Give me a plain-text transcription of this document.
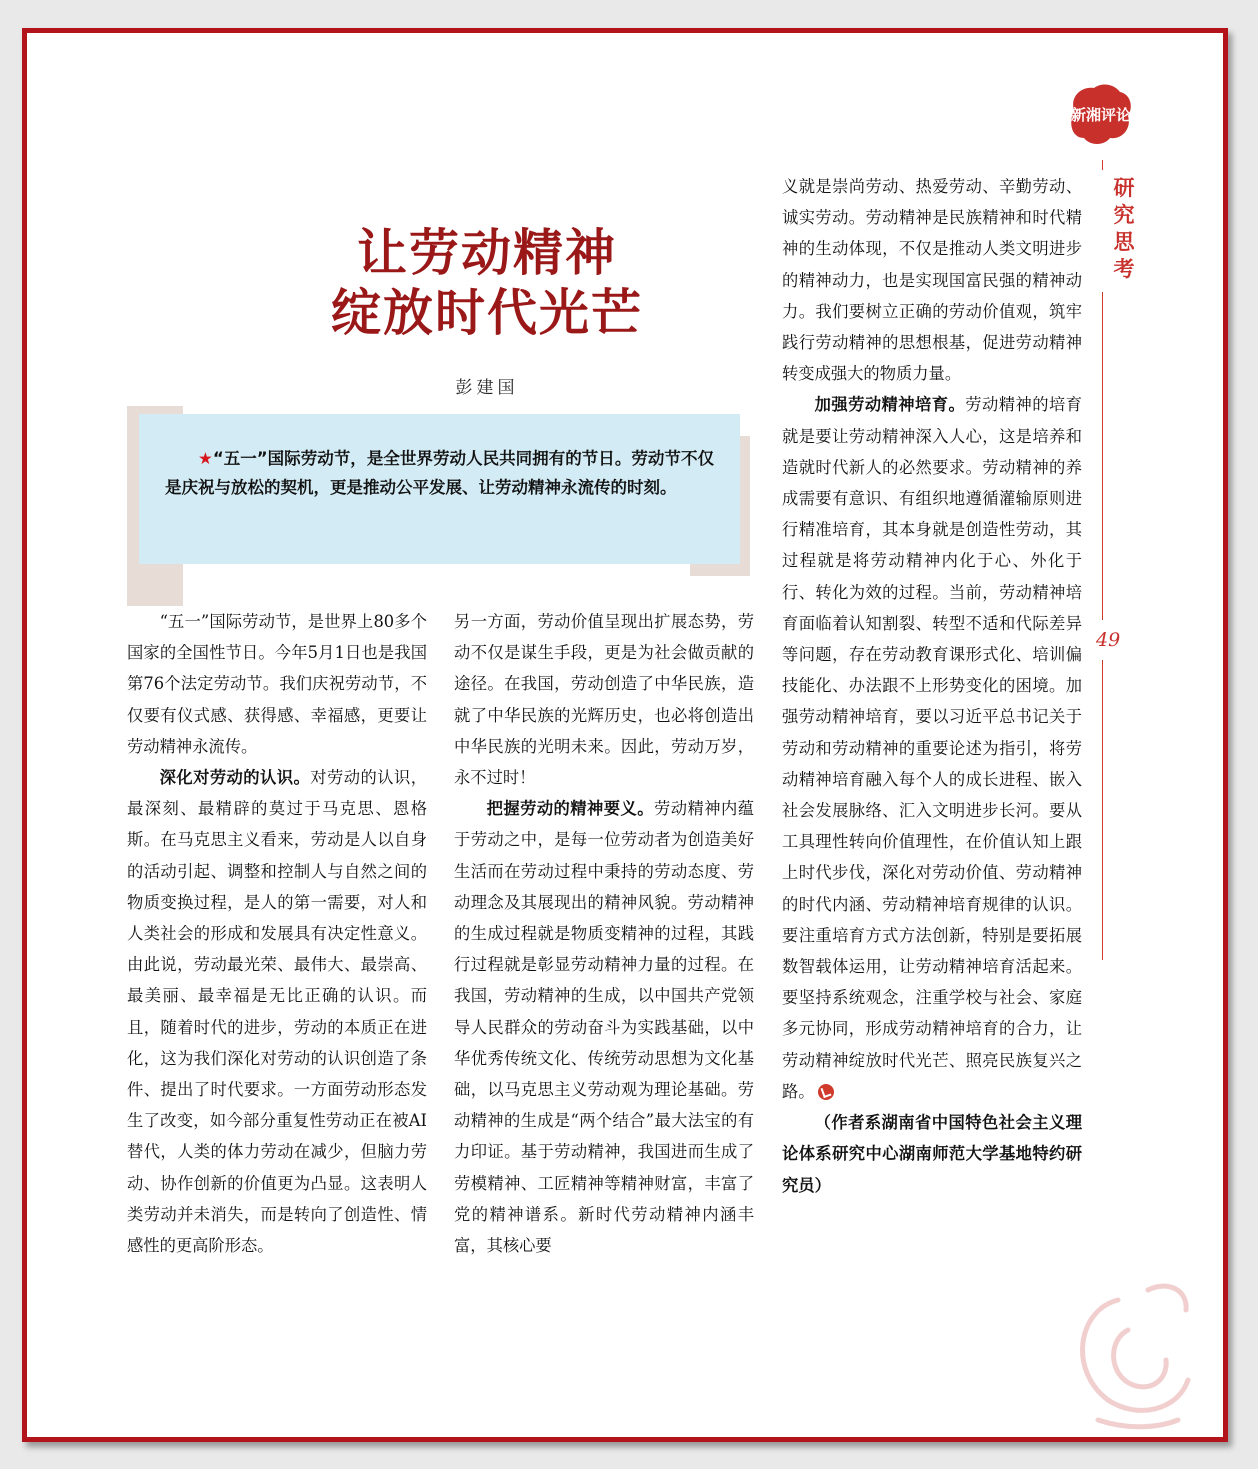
让劳动精神
绽放时代光芒
彭建国

★“五一”国际劳动节，是全世界劳动人民共同拥有的节日。劳动节不仅是庆祝与放松的契机，更是推动公平发展、让劳动精神永流传的时刻。

“五一”国际劳动节，是世界上80多个国家的全国性节日。今年5月1日也是我国第76个法定劳动节。我们庆祝劳动节，不仅要有仪式感、获得感、幸福感，更要让劳动精神永流传。

深化对劳动的认识。对劳动的认识，最深刻、最精辟的莫过于马克思、恩格斯。在马克思主义看来，劳动是人以自身的活动引起、调整和控制人与自然之间的物质变换过程，是人的第一需要，对人和人类社会的形成和发展具有决定性意义。由此说，劳动最光荣、最伟大、最崇高、最美丽、最幸福是无比正确的认识。而且，随着时代的进步，劳动的本质正在进化，这为我们深化对劳动的认识创造了条件、提出了时代要求。一方面劳动形态发生了改变，如今部分重复性劳动正在被AI替代，人类的体力劳动在减少，但脑力劳动、协作创新的价值更为凸显。这表明人类劳动并未消失，而是转向了创造性、情感性的更高阶形态。

另一方面，劳动价值呈现出扩展态势，劳动不仅是谋生手段，更是为社会做贡献的途径。在我国，劳动创造了中华民族，造就了中华民族的光辉历史，也必将创造出中华民族的光明未来。因此，劳动万岁，永不过时！

把握劳动的精神要义。劳动精神内蕴于劳动之中，是每一位劳动者为创造美好生活而在劳动过程中秉持的劳动态度、劳动理念及其展现出的精神风貌。劳动精神的生成过程就是物质变精神的过程，其践行过程就是彰显劳动精神力量的过程。在我国，劳动精神的生成，以中国共产党领导人民群众的劳动奋斗为实践基础，以中华优秀传统文化、传统劳动思想为文化基础，以马克思主义劳动观为理论基础。劳动精神的生成是“两个结合”最大法宝的有力印证。基于劳动精神，我国进而生成了劳模精神、工匠精神等精神财富，丰富了党的精神谱系。新时代劳动精神内涵丰富，其核心要

义就是崇尚劳动、热爱劳动、辛勤劳动、诚实劳动。劳动精神是民族精神和时代精神的生动体现，不仅是推动人类文明进步的精神动力，也是实现国富民强的精神动力。我们要树立正确的劳动价值观，筑牢践行劳动精神的思想根基，促进劳动精神转变成强大的物质力量。

加强劳动精神培育。劳动精神的培育就是要让劳动精神深入人心，这是培养和造就时代新人的必然要求。劳动精神的养成需要有意识、有组织地遵循灌输原则进行精准培育，其本身就是创造性劳动，其过程就是将劳动精神内化于心、外化于行、转化为效的过程。当前，劳动精神培育面临着认知割裂、转型不适和代际差异等问题，存在劳动教育课形式化、培训偏技能化、办法跟不上形势变化的困境。加强劳动精神培育，要以习近平总书记关于劳动和劳动精神的重要论述为指引，将劳动精神培育融入每个人的成长进程、嵌入社会发展脉络、汇入文明进步长河。要从工具理性转向价值理性，在价值认知上跟上时代步伐，深化对劳动价值、劳动精神的时代内涵、劳动精神培育规律的认识。要注重培育方式方法创新，特别是要拓展数智载体运用，让劳动精神培育活起来。要坚持系统观念，注重学校与社会、家庭多元协同，形成劳动精神培育的合力，让劳动精神绽放时代光芒、照亮民族复兴之路。

（作者系湖南省中国特色社会主义理论体系研究中心湖南师范大学基地特约研究员）

新湘评论
研究思考
49
